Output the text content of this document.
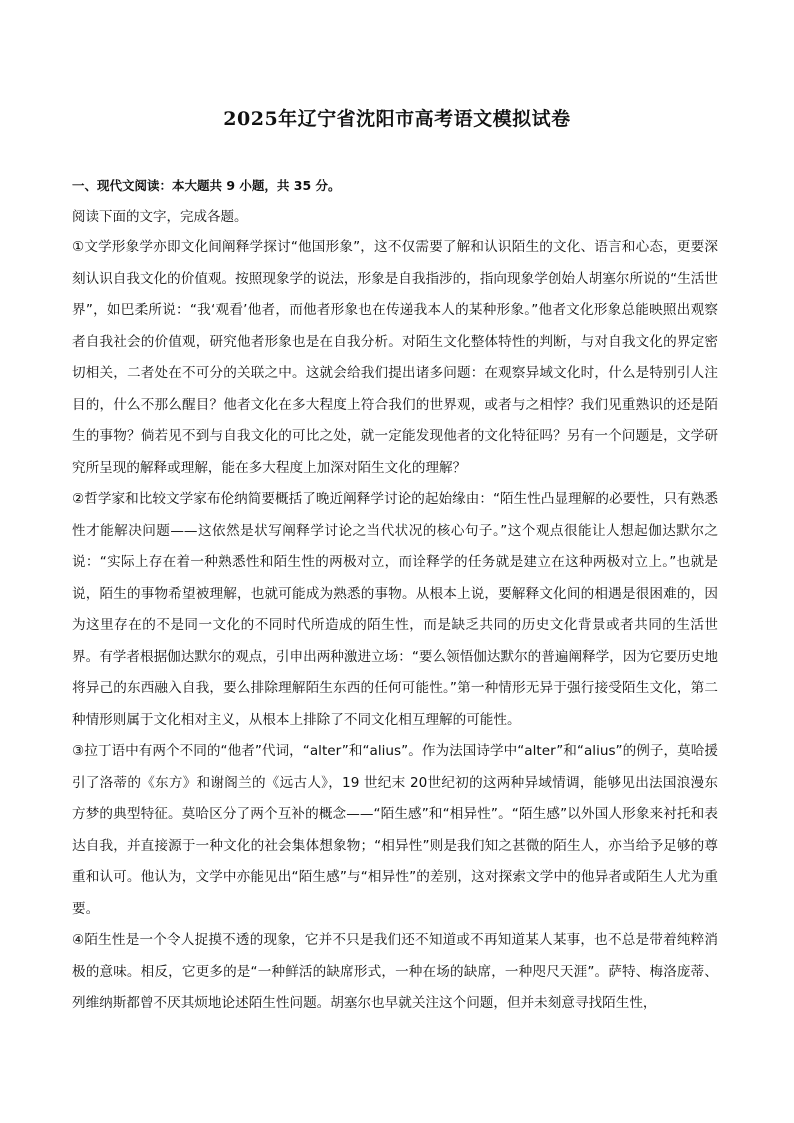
2025年辽宁省沈阳市高考语文模拟试卷
一、现代文阅读：本大题共 9 小题，共 35 分。
阅读下面的文字，完成各题。

①文学形象学亦即文化间阐释学探讨“他国形象”，这不仅需要了解和认识陌生的文化、语言和心态，更要深刻认识自我文化的价值观。按照现象学的说法，形象是自我指涉的，指向现象学创始人胡塞尔所说的“生活世界”，如巴柔所说：“我‘观看’他者，而他者形象也在传递我本人的某种形象。”他者文化形象总能映照出观察者自我社会的价值观，研究他者形象也是在自我分析。对陌生文化整体特性的判断，与对自我文化的界定密切相关，二者处在不可分的关联之中。这就会给我们提出诸多问题：在观察异域文化时，什么是特别引人注目的，什么不那么醒目？他者文化在多大程度上符合我们的世界观，或者与之相悖？我们见重熟识的还是陌生的事物？倘若见不到与自我文化的可比之处，就一定能发现他者的文化特征吗？另有一个问题是，文学研究所呈现的解释或理解，能在多大程度上加深对陌生文化的理解？

②哲学家和比较文学家布伦纳简要概括了晚近阐释学讨论的起始缘由：“陌生性凸显理解的必要性，只有熟悉性才能解决问题——这依然是状写阐释学讨论之当代状况的核心句子。”这个观点很能让人想起伽达默尔之说：“实际上存在着一种熟悉性和陌生性的两极对立，而诠释学的任务就是建立在这种两极对立上。”也就是说，陌生的事物希望被理解，也就可能成为熟悉的事物。从根本上说，要解释文化间的相遇是很困难的，因为这里存在的不是同一文化的不同时代所造成的陌生性，而是缺乏共同的历史文化背景或者共同的生活世界。有学者根据伽达默尔的观点，引申出两种激进立场：“要么领悟伽达默尔的普遍阐释学，因为它要历史地将异己的东西融入自我，要么排除理解陌生东西的任何可能性。”第一种情形无异于强行接受陌生文化，第二种情形则属于文化相对主义，从根本上排除了不同文化相互理解的可能性。

③拉丁语中有两个不同的“他者”代词，“alter”和“alius”。作为法国诗学中“alter”和“alius”的例子，莫哈援引了洛蒂的《东方》和谢阁兰的《远古人》，19 世纪末 20世纪初的这两种异域情调，能够见出法国浪漫东方梦的典型特征。莫哈区分了两个互补的概念——“陌生感”和“相异性”。“陌生感”以外国人形象来衬托和表达自我，并直接源于一种文化的社会集体想象物；“相异性”则是我们知之甚微的陌生人，亦当给予足够的尊重和认可。他认为，文学中亦能见出“陌生感”与“相异性”的差别，这对探索文学中的他异者或陌生人尤为重要。

④陌生性是一个令人捉摸不透的现象，它并不只是我们还不知道或不再知道某人某事，也不总是带着纯粹消极的意味。相反，它更多的是“一种鲜活的缺席形式，一种在场的缺席，一种咫尺天涯”。萨特、梅洛庞蒂、列维纳斯都曾不厌其烦地论述陌生性问题。胡塞尔也早就关注这个问题，但并未刻意寻找陌生性，
